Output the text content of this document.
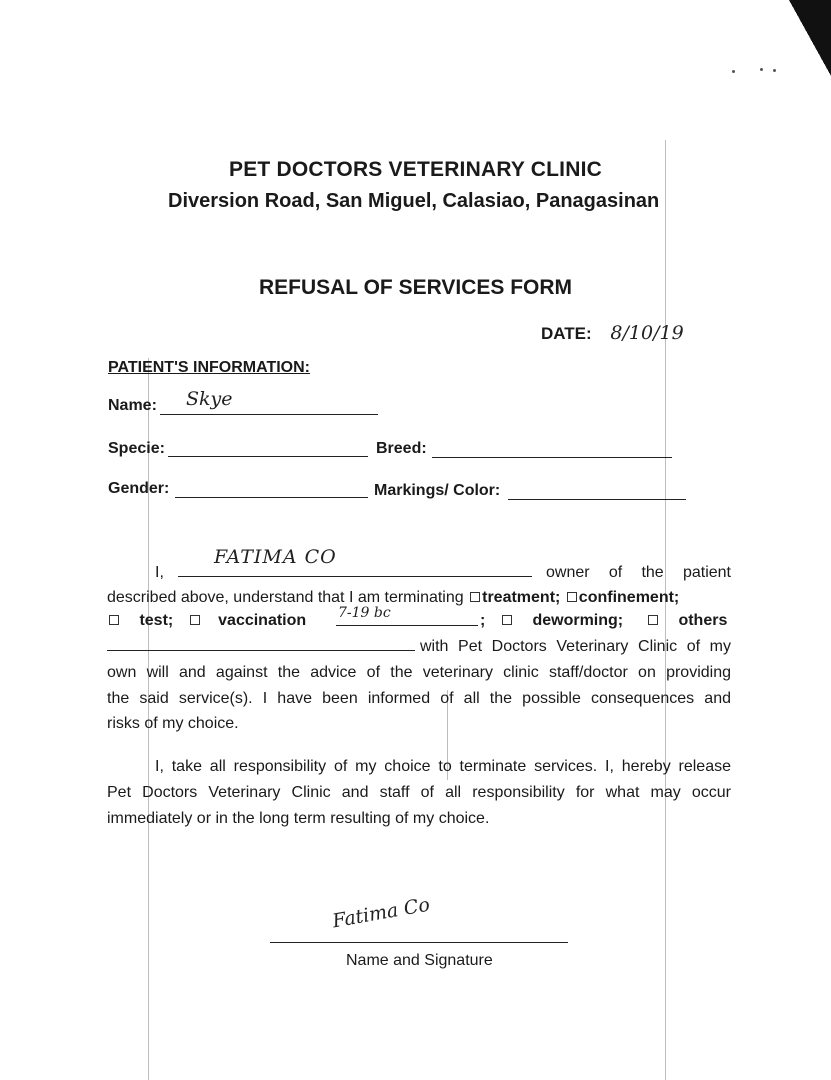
PET DOCTORS VETERINARY CLINIC
Diversion Road, San Miguel, Calasiao, Panagasinan
REFUSAL OF SERVICES FORM
DATE: 8/10/19
PATIENT'S INFORMATION:
Name: Skye
Specie:	Breed:
Gender:	Markings/ Color:
I,
FATIMA CO
owner of the patient
described above, understand that I am terminating treatment; confinement;
test;	vaccination 7-19 bc	;	deworming;	others
with Pet Doctors Veterinary Clinic of my
own will and against the advice of the veterinary clinic staff/doctor on providing
the said service(s). I have been informed of all the possible consequences and
risks of my choice.
I, take all responsibility of my choice to terminate services. I, hereby release
Pet Doctors Veterinary Clinic and staff of all responsibility for what may occur
immediately or in the long term resulting of my choice.
Fatima Co
Name and Signature
